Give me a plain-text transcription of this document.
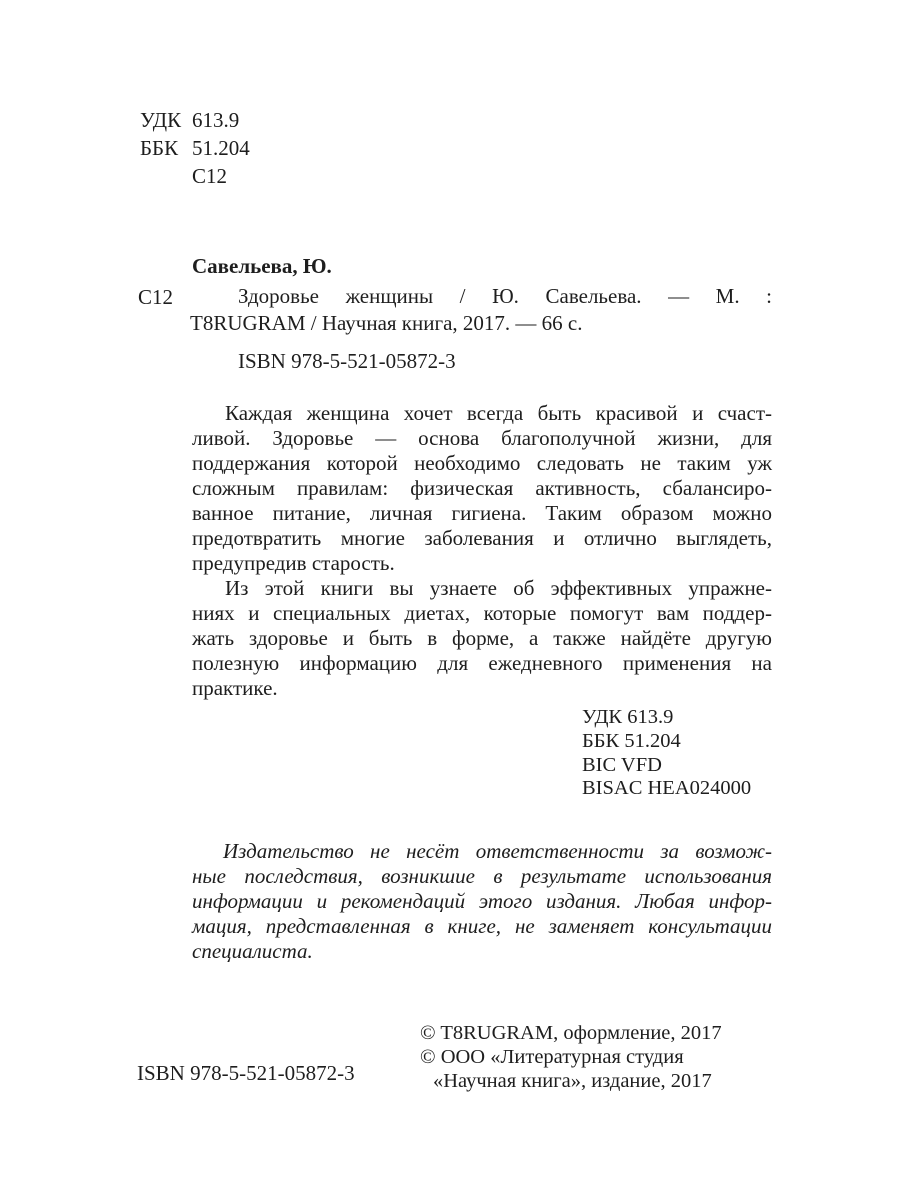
УДК 613.9
ББК 51.204
С12
Савельева, Ю.
С12	Здоровье женщины / Ю. Савельева. — М. :
T8RUGRAM / Научная книга, 2017. — 66 с.
ISBN 978-5-521-05872-3
Каждая женщина хочет всегда быть красивой и счаст-
ливой. Здоровье — основа благополучной жизни, для
поддержания которой необходимо следовать не таким уж
сложным правилам: физическая активность, сбалансиро-
ванное питание, личная гигиена. Таким образом можно
предотвратить многие заболевания и отлично выглядеть,
предупредив старость.
Из этой книги вы узнаете об эффективных упражне-
ниях и специальных диетах, которые помогут вам поддер-
жать здоровье и быть в форме, а также найдёте другую
полезную информацию для ежедневного применения на
практике.
УДК 613.9
ББК 51.204
BIC VFD
BISAC HEA024000
Издательство не несёт ответственности за возмож-
ные последствия, возникшие в результате использования
информации и рекомендаций этого издания. Любая инфор-
мация, представленная в книге, не заменяет консультации
специалиста.
© T8RUGRAM, оформление, 2017
© ООО «Литературная студия
«Научная книга», издание, 2017
ISBN 978-5-521-05872-3
